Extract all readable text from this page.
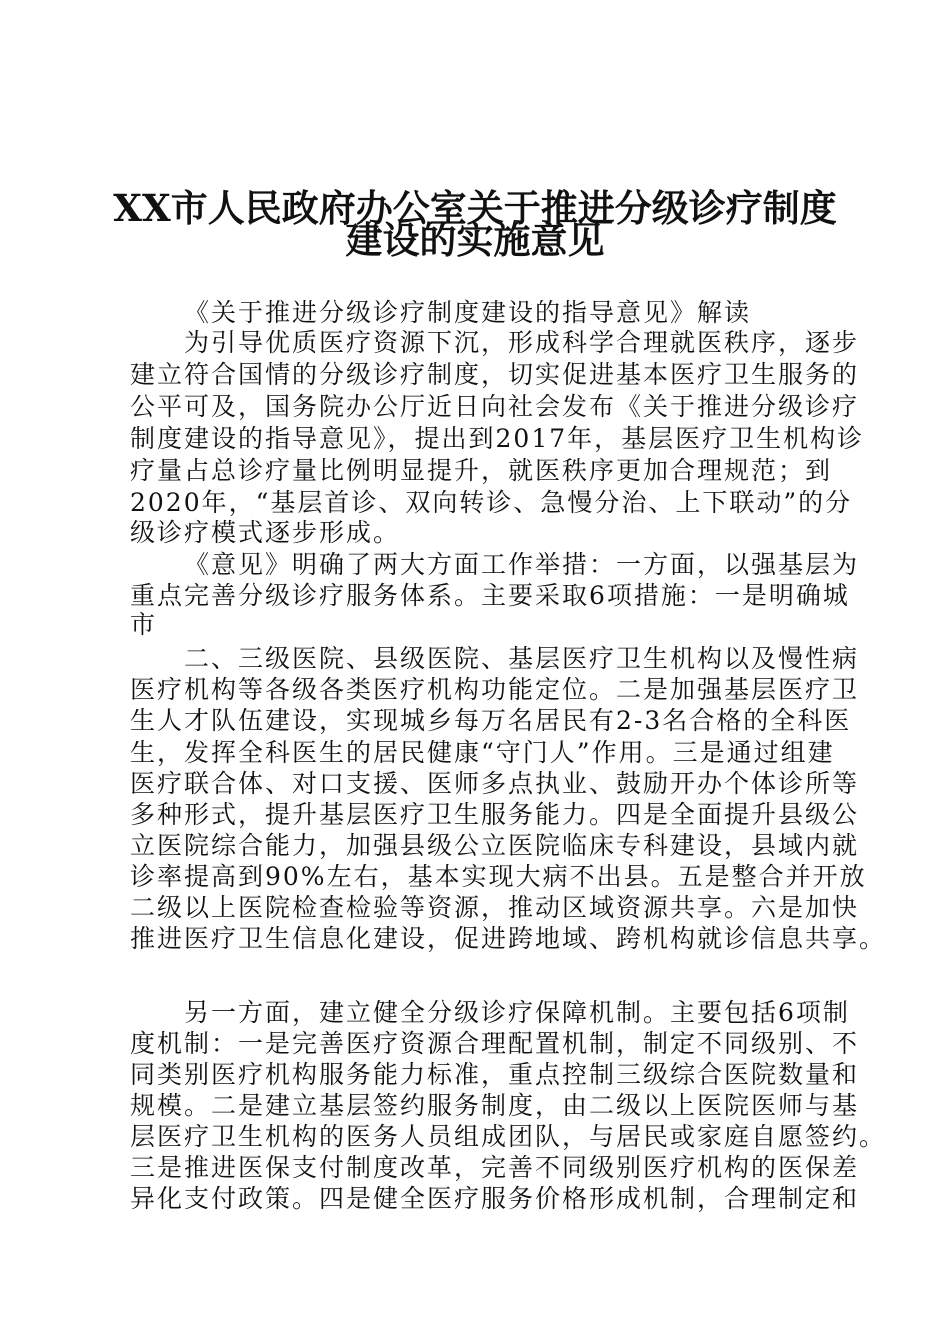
XX市人民政府办公室关于推进分级诊疗制度
建设的实施意见
《关于推进分级诊疗制度建设的指导意见》解读
为引导优质医疗资源下沉，形成科学合理就医秩序，逐步
建立符合国情的分级诊疗制度，切实促进基本医疗卫生服务的
公平可及，国务院办公厅近日向社会发布《关于推进分级诊疗
制度建设的指导意见》，提出到2017年，基层医疗卫生机构诊
疗量占总诊疗量比例明显提升，就医秩序更加合理规范；到
2020年，“基层首诊、双向转诊、急慢分治、上下联动”的分
级诊疗模式逐步形成。
《意见》明确了两大方面工作举措：一方面，以强基层为
重点完善分级诊疗服务体系。主要采取6项措施：一是明确城
市
二、三级医院、县级医院、基层医疗卫生机构以及慢性病
医疗机构等各级各类医疗机构功能定位。二是加强基层医疗卫
生人才队伍建设，实现城乡每万名居民有2-3名合格的全科医
生，发挥全科医生的居民健康“守门人”作用。三是通过组建
医疗联合体、对口支援、医师多点执业、鼓励开办个体诊所等
多种形式，提升基层医疗卫生服务能力。四是全面提升县级公
立医院综合能力，加强县级公立医院临床专科建设，县域内就
诊率提高到90%左右，基本实现大病不出县。五是整合并开放
二级以上医院检查检验等资源，推动区域资源共享。六是加快
推进医疗卫生信息化建设，促进跨地域、跨机构就诊信息共享。
另一方面，建立健全分级诊疗保障机制。主要包括6项制
度机制：一是完善医疗资源合理配置机制，制定不同级别、不
同类别医疗机构服务能力标准，重点控制三级综合医院数量和
规模。二是建立基层签约服务制度，由二级以上医院医师与基
层医疗卫生机构的医务人员组成团队，与居民或家庭自愿签约。
三是推进医保支付制度改革，完善不同级别医疗机构的医保差
异化支付政策。四是健全医疗服务价格形成机制，合理制定和
